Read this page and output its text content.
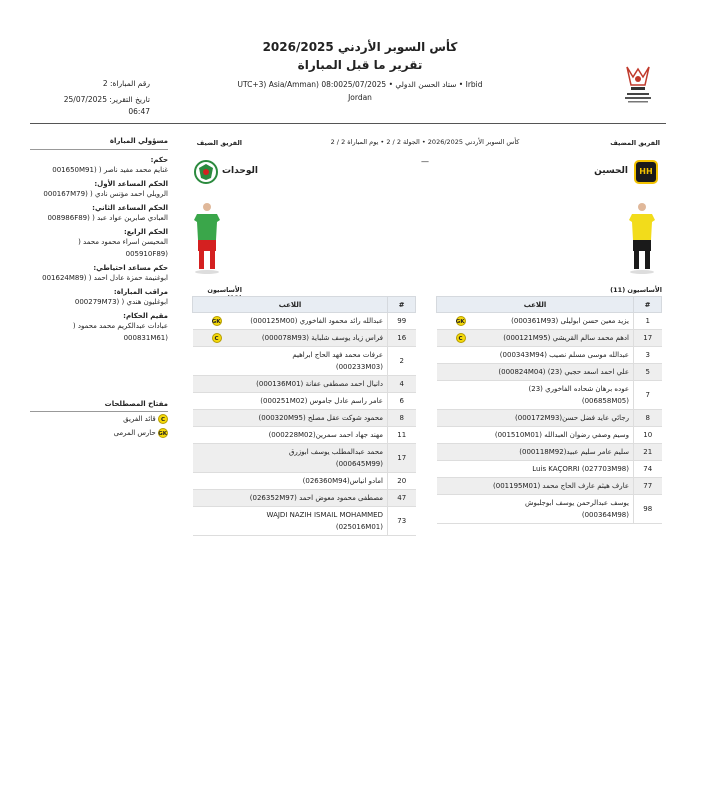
كأس السوبر الأردني 2026/2025
تقرير ما قبل المباراة
Irbid • ستاد الحسن الدولي • UTC+3) Asia/Amman) 08:0025/07/2025
Jordan
رقم المباراة: 2
تاريخ التقرير: 25/07/2025
06:47
مسؤولي المباراة
حكم:
غنايم محمد مفيد ناصر ( (001650M91
الحكم المساعد الأول:
الرويلي احمد مؤنس نادي ( (000167M79
الحكم المساعد الثاني:
العبادي صابرين عواد عبد ( (008986F89
الحكم الرابع:
المحيسن اسراء محمود محمد ( (005910F89
حكم مساعد احتياطي:
ابوغنيمة حمزة عادل احمد ( (001624M89
مراقب المباراة:
ابوغليون هندي ( (000279M73
مقيم الحكام:
عبادات عبدالكريم محمد محمود ( (000831M61
مفتاح المصطلحات
C قائد الفريق
GK حارس المرمى
الفريق المضيف
الفريق الضيف	كأس السوبر الأردني 2026/2025 • الجولة 2 / 2 • يوم المباراة 2 / 2
—
HH
الحسين
الوحدات
الأساسيون (11)
الأساسيون
#	اللاعب	
1	يزيد معين حسن ابوليلى (000361M93)	GK
17	ادهم محمد سالم القريشي (000121M95)	C
3	عبدالله موسى مسلم نصيب (000343M94)	
5	علي احمد اسعد حجبي (23) (000824M04)	
7	عوده برهان شحاده الفاخوري (23) (006858M05)	
8	رجائي عايد فضل حسن(000172M93)	
10	وسيم وصفي رضوان العبدالله (001510M01)	
21	سليم عامر سليم عبيد(000118M92)	
74	Luis KAÇORRI (027703M98)	
77	عارف هيثم عارف الحاج محمد (001195M01)	
98	يوسف عبدالرحمن يوسف ابوجلبوش (000364M98)	
#	اللاعب	
99	عبدالله رائد محمود الفاخوري (000125M00)	GK
16	فراس زياد يوسف شلباية (000078M93)	C
2	عرفات محمد فهد الحاج ابراهيم (000233M03)	
4	دانيال احمد مصطفى عفانة (000136M01)	
6	عامر راسم عادل جاموس (000251M02)	
8	محمود شوكت عقل مصلح (000320M95)	
11	مهند جهاد احمد سمرين(000228M02)	
17	محمد عبدالمطلب يوسف ابوزرق (000645M99)	
20	امادو انياس(026360M94)	
47	مصطفى محمود معوض احمد (026352M97)	
73	WAJDI NAZIH ISMAIL MOHAMMED (025016M01)	
